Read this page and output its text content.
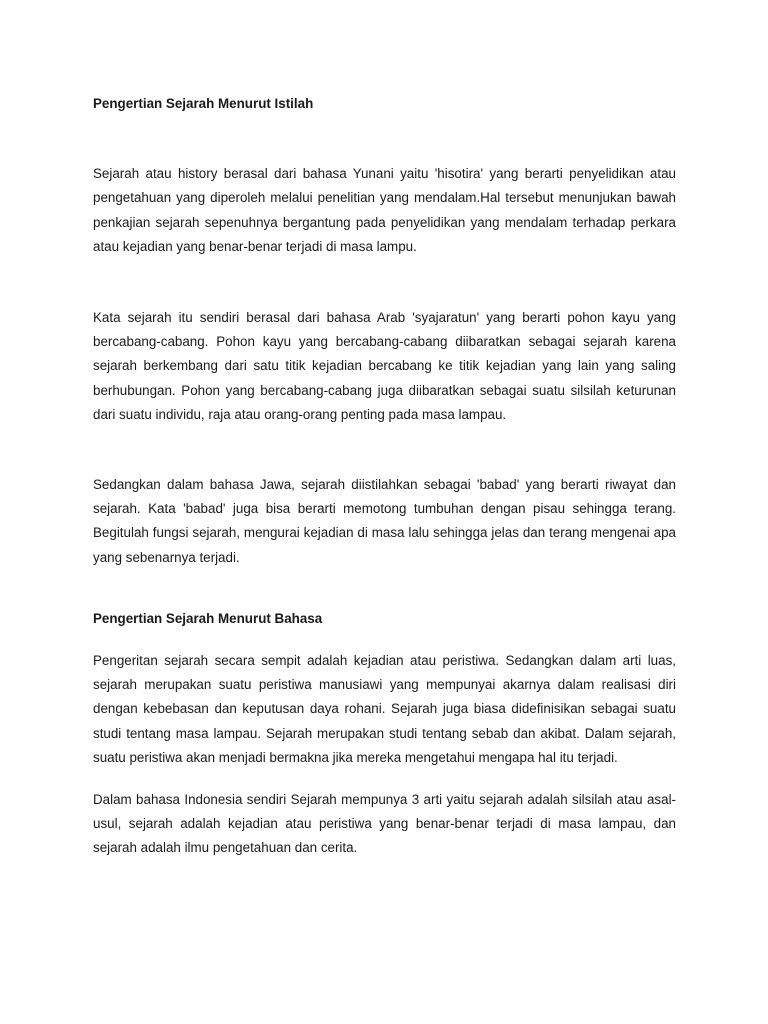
Pengertian Sejarah Menurut Istilah

Sejarah atau history berasal dari bahasa Yunani yaitu 'hisotira' yang berarti penyelidikan atau pengetahuan yang diperoleh melalui penelitian yang mendalam.Hal tersebut menunjukan bawah penkajian sejarah sepenuhnya bergantung pada penyelidikan yang mendalam terhadap perkara atau kejadian yang benar-benar terjadi di masa lampu.

Kata sejarah itu sendiri berasal dari bahasa Arab 'syajaratun' yang berarti pohon kayu yang bercabang-cabang. Pohon kayu yang bercabang-cabang diibaratkan sebagai sejarah karena sejarah berkembang dari satu titik kejadian bercabang ke titik kejadian yang lain yang saling berhubungan. Pohon yang bercabang-cabang juga diibaratkan sebagai suatu silsilah keturunan dari suatu individu, raja atau orang-orang penting pada masa lampau.

Sedangkan dalam bahasa Jawa, sejarah diistilahkan sebagai 'babad' yang berarti riwayat dan sejarah. Kata 'babad' juga bisa berarti memotong tumbuhan dengan pisau sehingga terang. Begitulah fungsi sejarah, mengurai kejadian di masa lalu sehingga jelas dan terang mengenai apa yang sebenarnya terjadi.

Pengertian Sejarah Menurut Bahasa

Pengeritan sejarah secara sempit adalah kejadian atau peristiwa. Sedangkan dalam arti luas, sejarah merupakan suatu peristiwa manusiawi yang mempunyai akarnya dalam realisasi diri dengan kebebasan dan keputusan daya rohani. Sejarah juga biasa didefinisikan sebagai suatu studi tentang masa lampau. Sejarah merupakan studi tentang sebab dan akibat. Dalam sejarah, suatu peristiwa akan menjadi bermakna jika mereka mengetahui mengapa hal itu terjadi.

Dalam bahasa Indonesia sendiri Sejarah mempunya 3 arti yaitu sejarah adalah silsilah atau asal-usul, sejarah adalah kejadian atau peristiwa yang benar-benar terjadi di masa lampau, dan sejarah adalah ilmu pengetahuan dan cerita.
